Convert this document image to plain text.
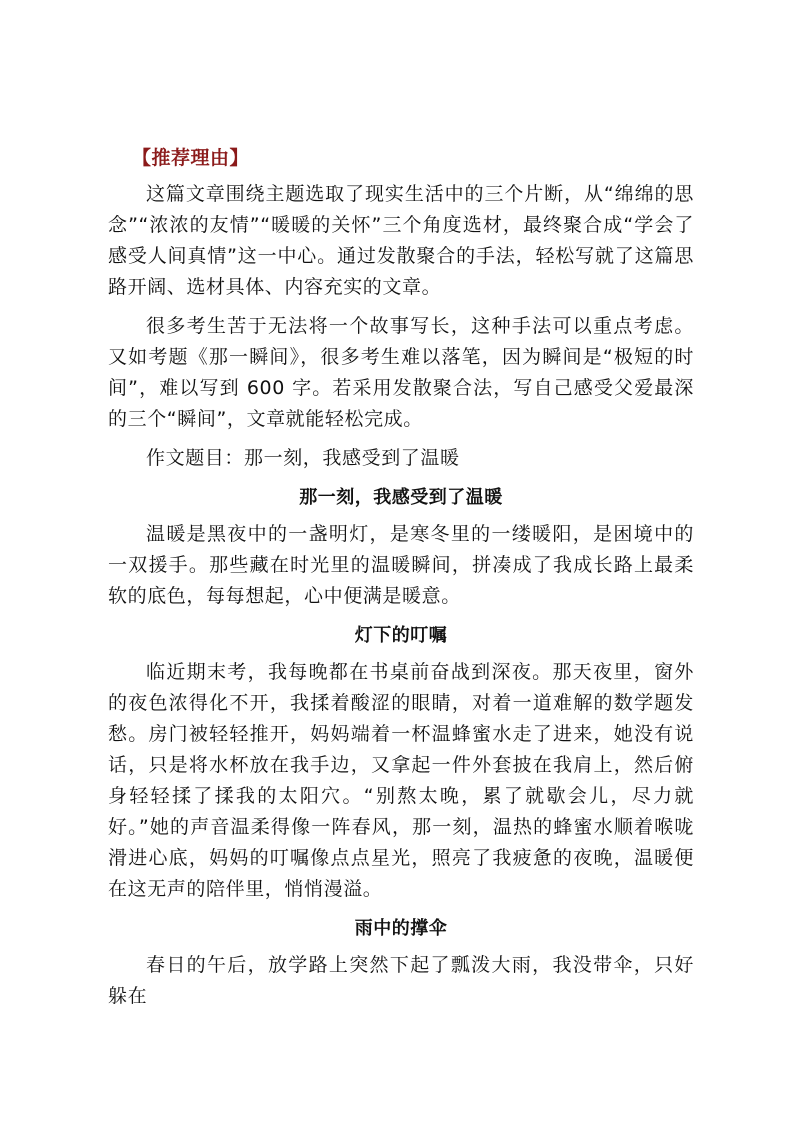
【推荐理由】

这篇文章围绕主题选取了现实生活中的三个片断，从“绵绵的思念”“浓浓的友情”“暖暖的关怀”三个角度选材，最终聚合成“学会了感受人间真情”这一中心。通过发散聚合的手法，轻松写就了这篇思路开阔、选材具体、内容充实的文章。

很多考生苦于无法将一个故事写长，这种手法可以重点考虑。又如考题《那一瞬间》，很多考生难以落笔，因为瞬间是“极短的时间”，难以写到 600 字。若采用发散聚合法，写自己感受父爱最深的三个“瞬间”，文章就能轻松完成。

作文题目：那一刻，我感受到了温暖

那一刻，我感受到了温暖

温暖是黑夜中的一盏明灯，是寒冬里的一缕暖阳，是困境中的一双援手。那些藏在时光里的温暖瞬间，拼凑成了我成长路上最柔软的底色，每每想起，心中便满是暖意。

灯下的叮嘱

临近期末考，我每晚都在书桌前奋战到深夜。那天夜里，窗外的夜色浓得化不开，我揉着酸涩的眼睛，对着一道难解的数学题发愁。房门被轻轻推开，妈妈端着一杯温蜂蜜水走了进来，她没有说话，只是将水杯放在我手边，又拿起一件外套披在我肩上，然后俯身轻轻揉了揉我的太阳穴。“别熬太晚，累了就歇会儿，尽力就好。”她的声音温柔得像一阵春风，那一刻，温热的蜂蜜水顺着喉咙滑进心底，妈妈的叮嘱像点点星光，照亮了我疲惫的夜晚，温暖便在这无声的陪伴里，悄悄漫溢。

雨中的撑伞

春日的午后，放学路上突然下起了瓢泼大雨，我没带伞，只好躲在
